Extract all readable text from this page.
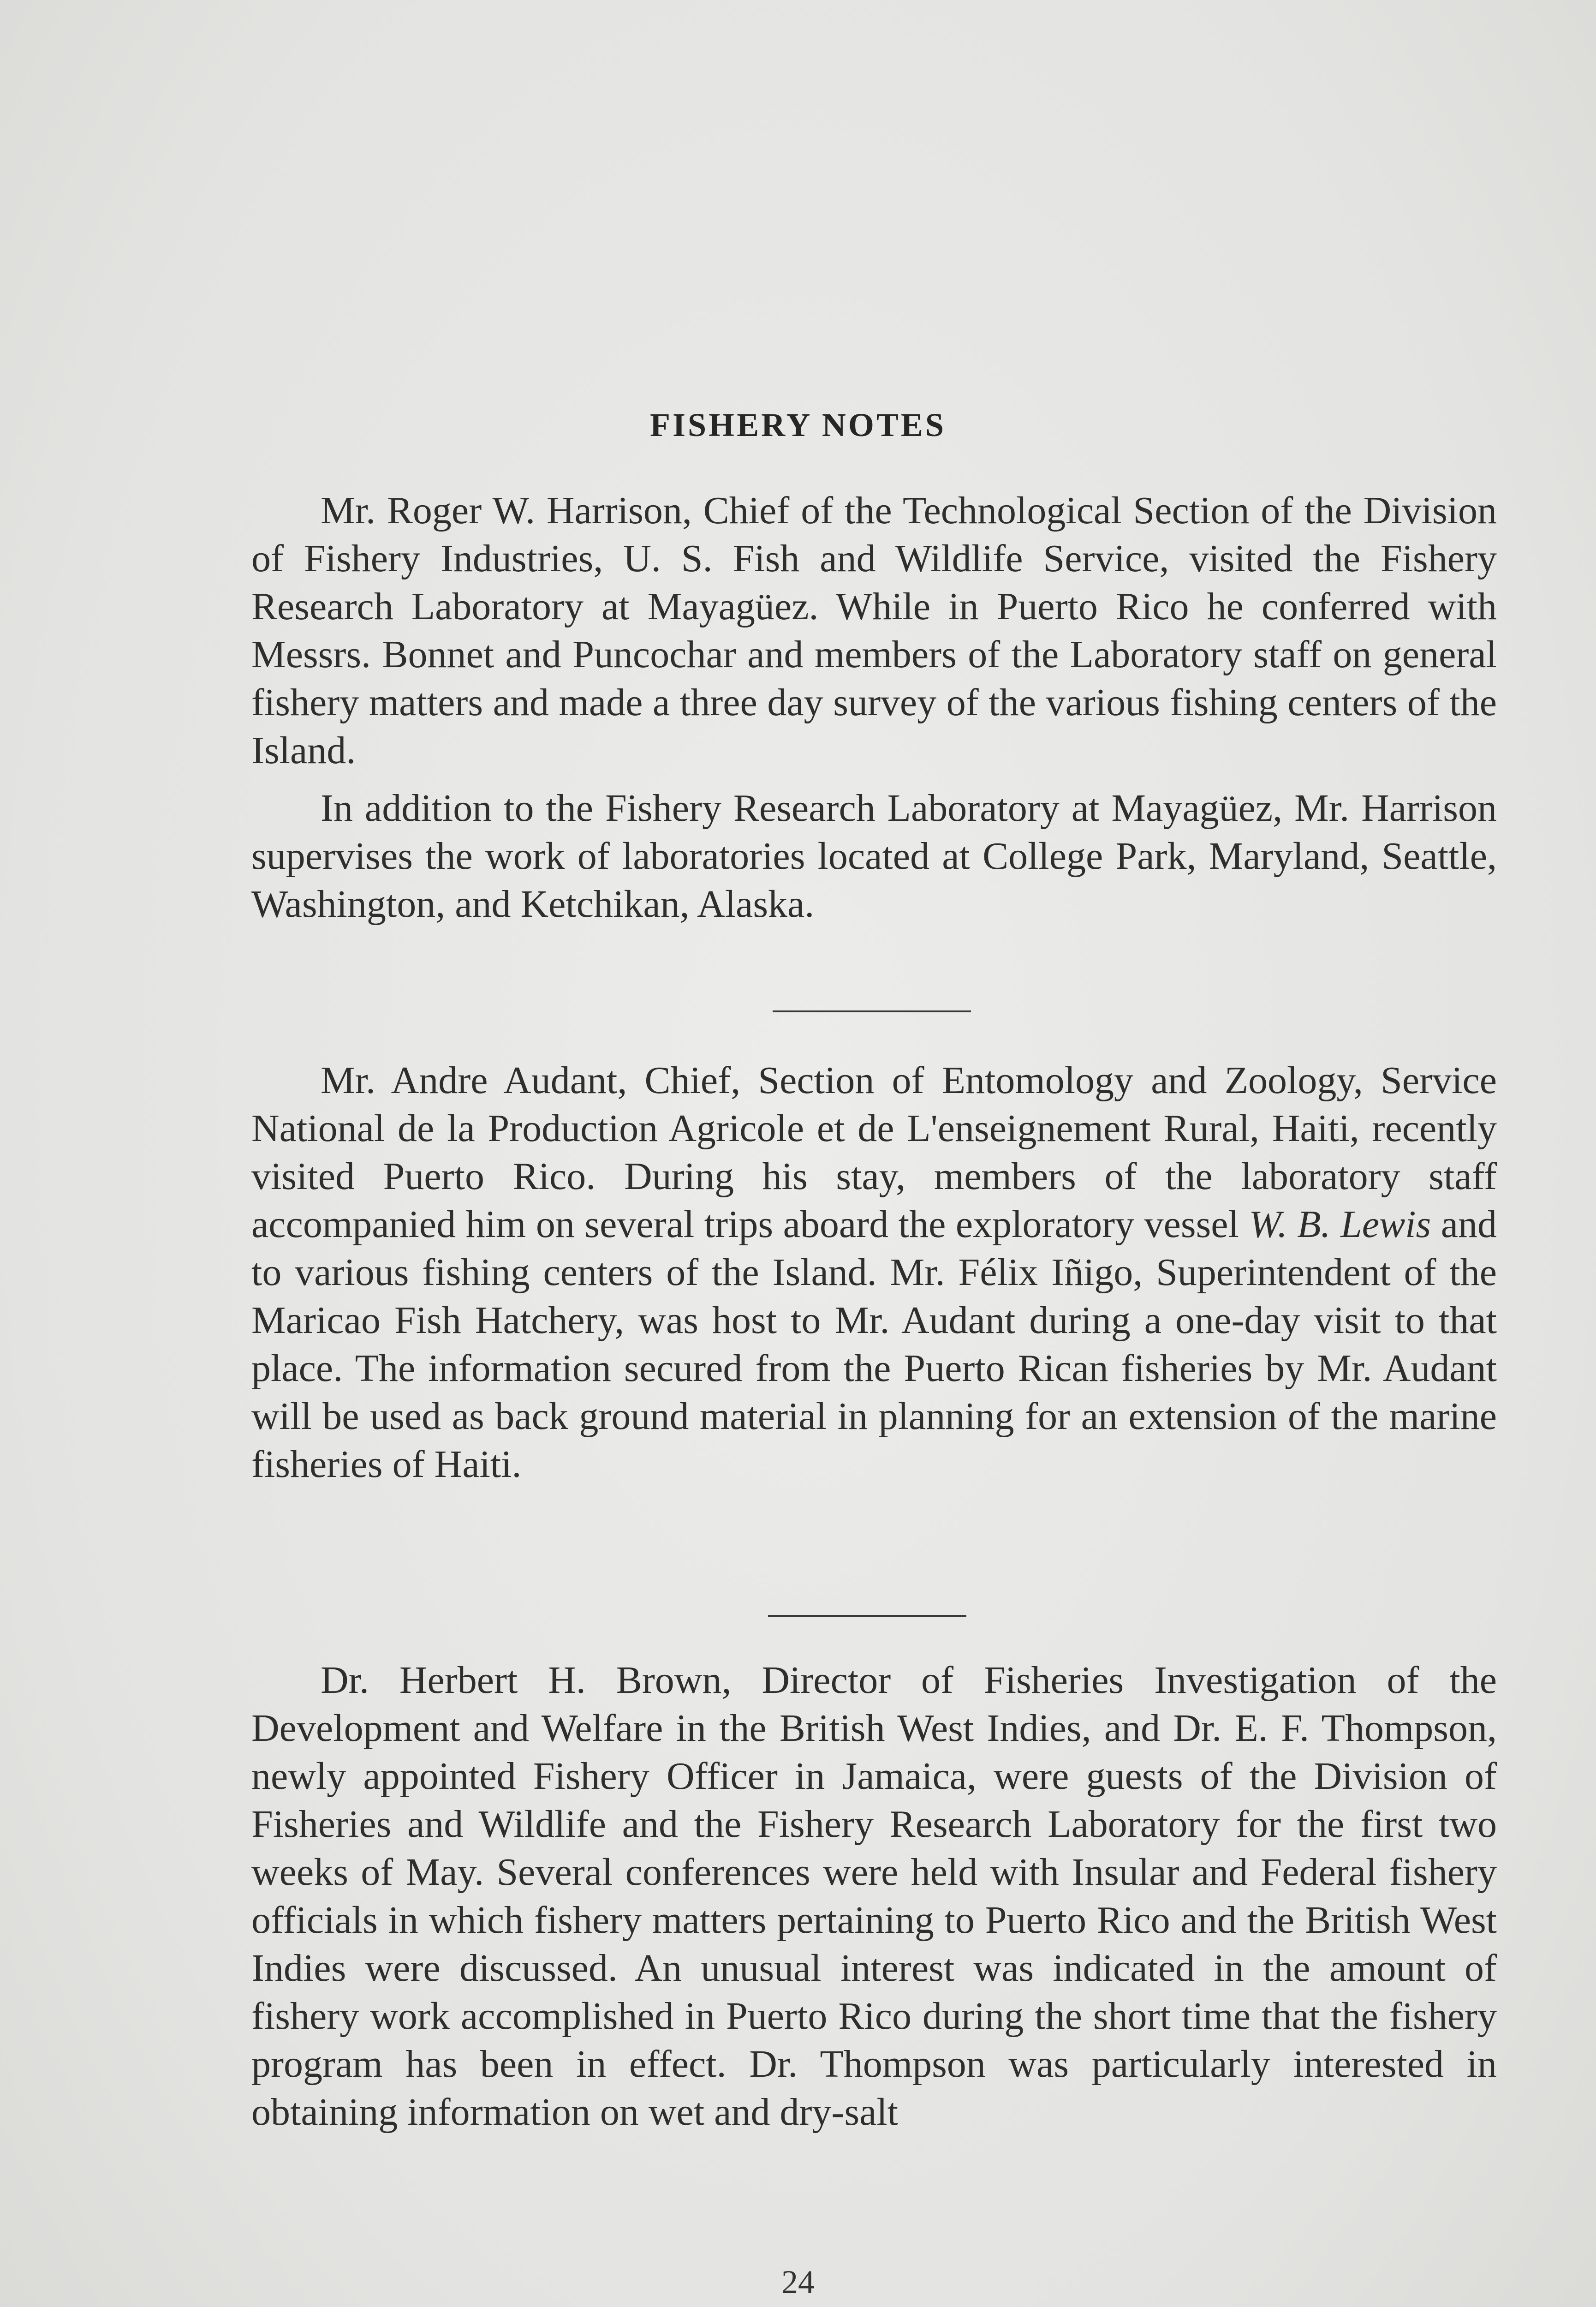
FISHERY NOTES

Mr. Roger W. Harrison, Chief of the Technological Section of the Division of Fishery Industries, U. S. Fish and Wildlife Service, visited the Fishery Research Laboratory at Mayagüez. While in Puerto Rico he conferred with Messrs. Bonnet and Puncochar and members of the Laboratory staff on general fishery matters and made a three day survey of the various fishing centers of the Island.

In addition to the Fishery Research Laboratory at Mayagüez, Mr. Harrison supervises the work of laboratories located at College Park, Maryland, Seattle, Washington, and Ketchikan, Alaska.

Mr. Andre Audant, Chief, Section of Entomology and Zoology, Service National de la Production Agricole et de L'enseignement Rural, Haiti, recently visited Puerto Rico. During his stay, members of the laboratory staff accompanied him on several trips aboard the exploratory vessel W. B. Lewis and to various fishing centers of the Island. Mr. Félix Iñigo, Superintendent of the Maricao Fish Hatchery, was host to Mr. Audant during a one-day visit to that place. The information secured from the Puerto Rican fisheries by Mr. Audant will be used as back ground material in planning for an extension of the marine fisheries of Haiti.

Dr. Herbert H. Brown, Director of Fisheries Investigation of the Development and Welfare in the British West Indies, and Dr. E. F. Thompson, newly appointed Fishery Officer in Jamaica, were guests of the Division of Fisheries and Wildlife and the Fishery Research Laboratory for the first two weeks of May. Several conferences were held with Insular and Federal fishery officials in which fishery matters pertaining to Puerto Rico and the British West Indies were discussed. An unusual interest was indicated in the amount of fishery work accomplished in Puerto Rico during the short time that the fishery program has been in effect. Dr. Thompson was particularly interested in obtaining information on wet and dry-salt

24
